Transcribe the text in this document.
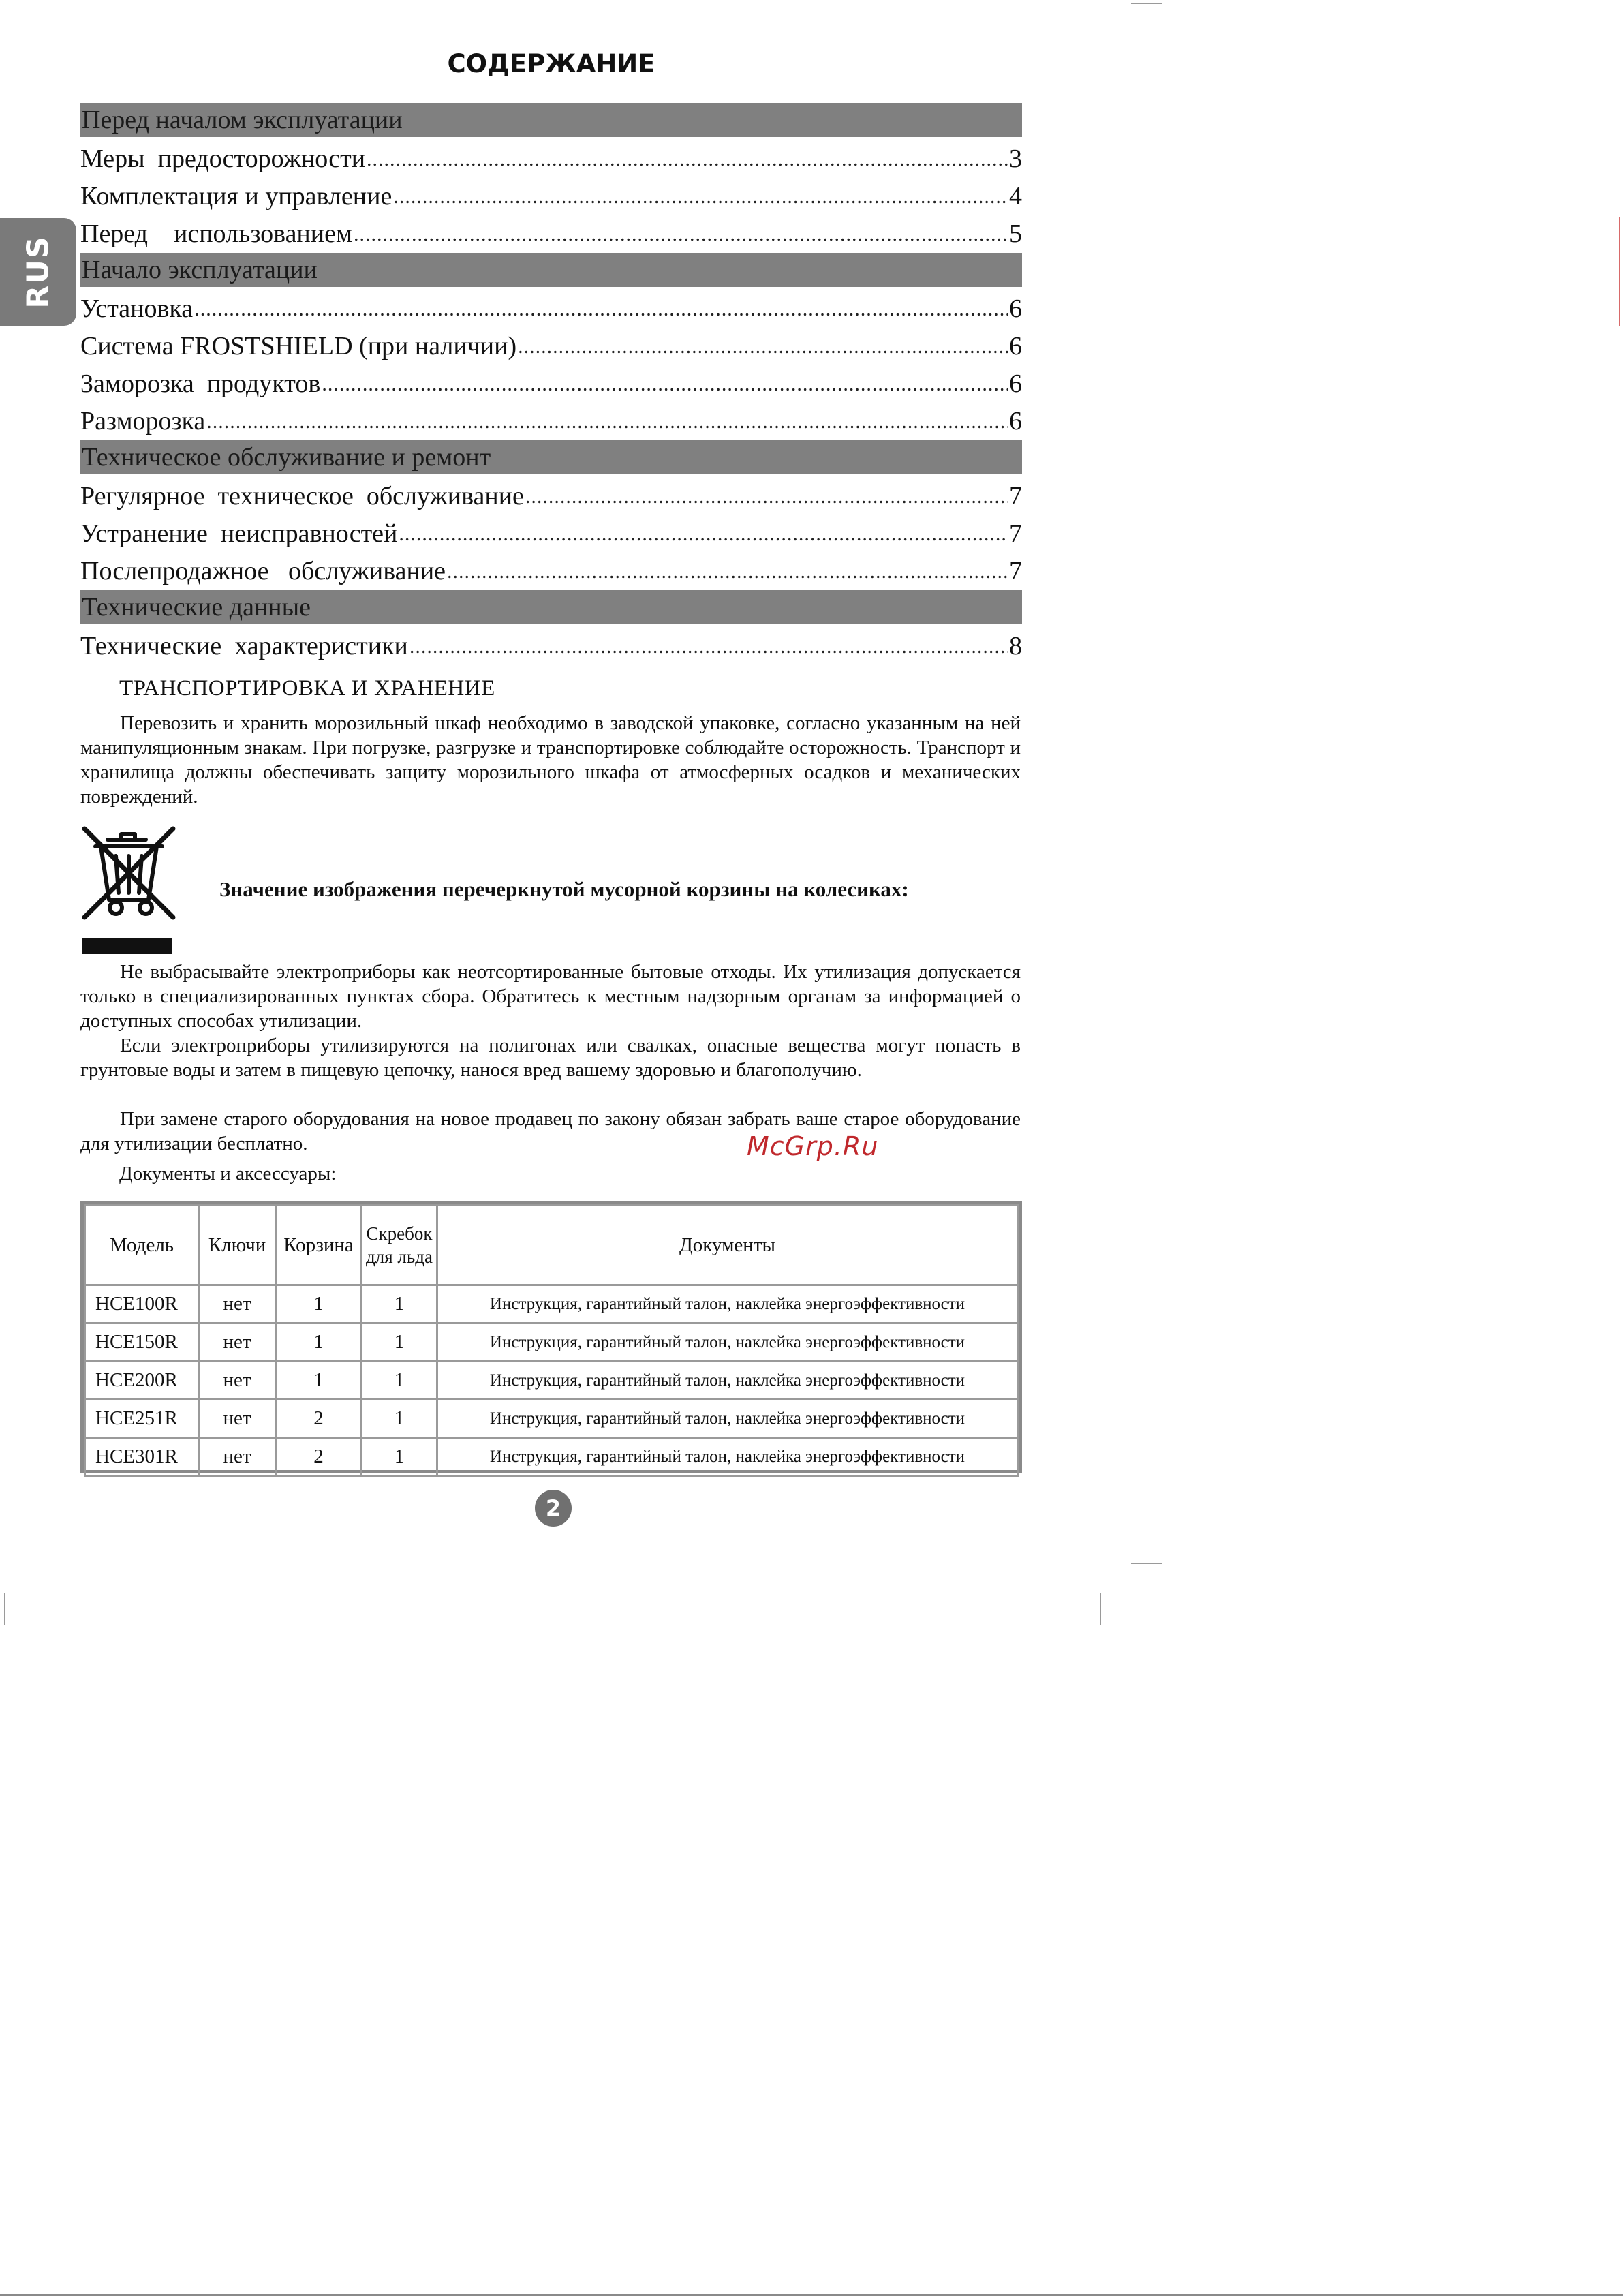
RUS
СОДЕРЖАНИЕ
Перед началом эксплуатации
Меры  предосторожности .....	3
Комплектация и управление .....	4
Перед    использованием .....	5
Начало эксплуатации
Установка .....	6
Система FROSTSHIELD (при наличии) .....	6
Заморозка  продуктов .....	6
Разморозка .....	6
Техническое обслуживание и ремонт
Регулярное  техническое  обслуживание .....	7
Устранение  неисправностей .....	7
Послепродажное   обслуживание .....	7
Технические данные
Технические  характеристики .....	8
ТРАНСПОРТИРОВКА И ХРАНЕНИЕ
Перевозить и хранить морозильный шкаф необходимо в заводской упаковке, согласно указанным на ней манипуляционным знакам. При погрузке, разгрузке и транспортировке соблюдайте осторожность. Транспорт и хранилища должны обеспечивать защиту морозильного шкафа от атмосферных осадков и механических повреждений.
Значение изображения перечеркнутой мусорной корзины на колесиках:
Не выбрасывайте электроприборы как неотсортированные бытовые отходы. Их утилизация допускается только в специализированных пунктах сбора. Обратитесь к местным надзорным органам за информацией о доступных способах утилизации.
Если электроприборы утилизируются на полигонах или свалках, опасные вещества могут попасть в грунтовые воды и затем в пищевую цепочку, нанося вред вашему здоровью и благополучию.
При замене старого оборудования на новое продавец по закону обязан забрать ваше старое оборудование для утилизации бесплатно.	McGrp.Ru
Документы и аксессуары:
Модель	Ключи	Корзина	Скребок для льда	Документы
HCE100R	нет	1	1	Инструкция, гарантийный талон, наклейка энергоэффективности
HCE150R	нет	1	1	Инструкция, гарантийный талон, наклейка энергоэффективности
HCE200R	нет	1	1	Инструкция, гарантийный талон, наклейка энергоэффективности
HCE251R	нет	2	1	Инструкция, гарантийный талон, наклейка энергоэффективности
HCE301R	нет	2	1	Инструкция, гарантийный талон, наклейка энергоэффективности
2
